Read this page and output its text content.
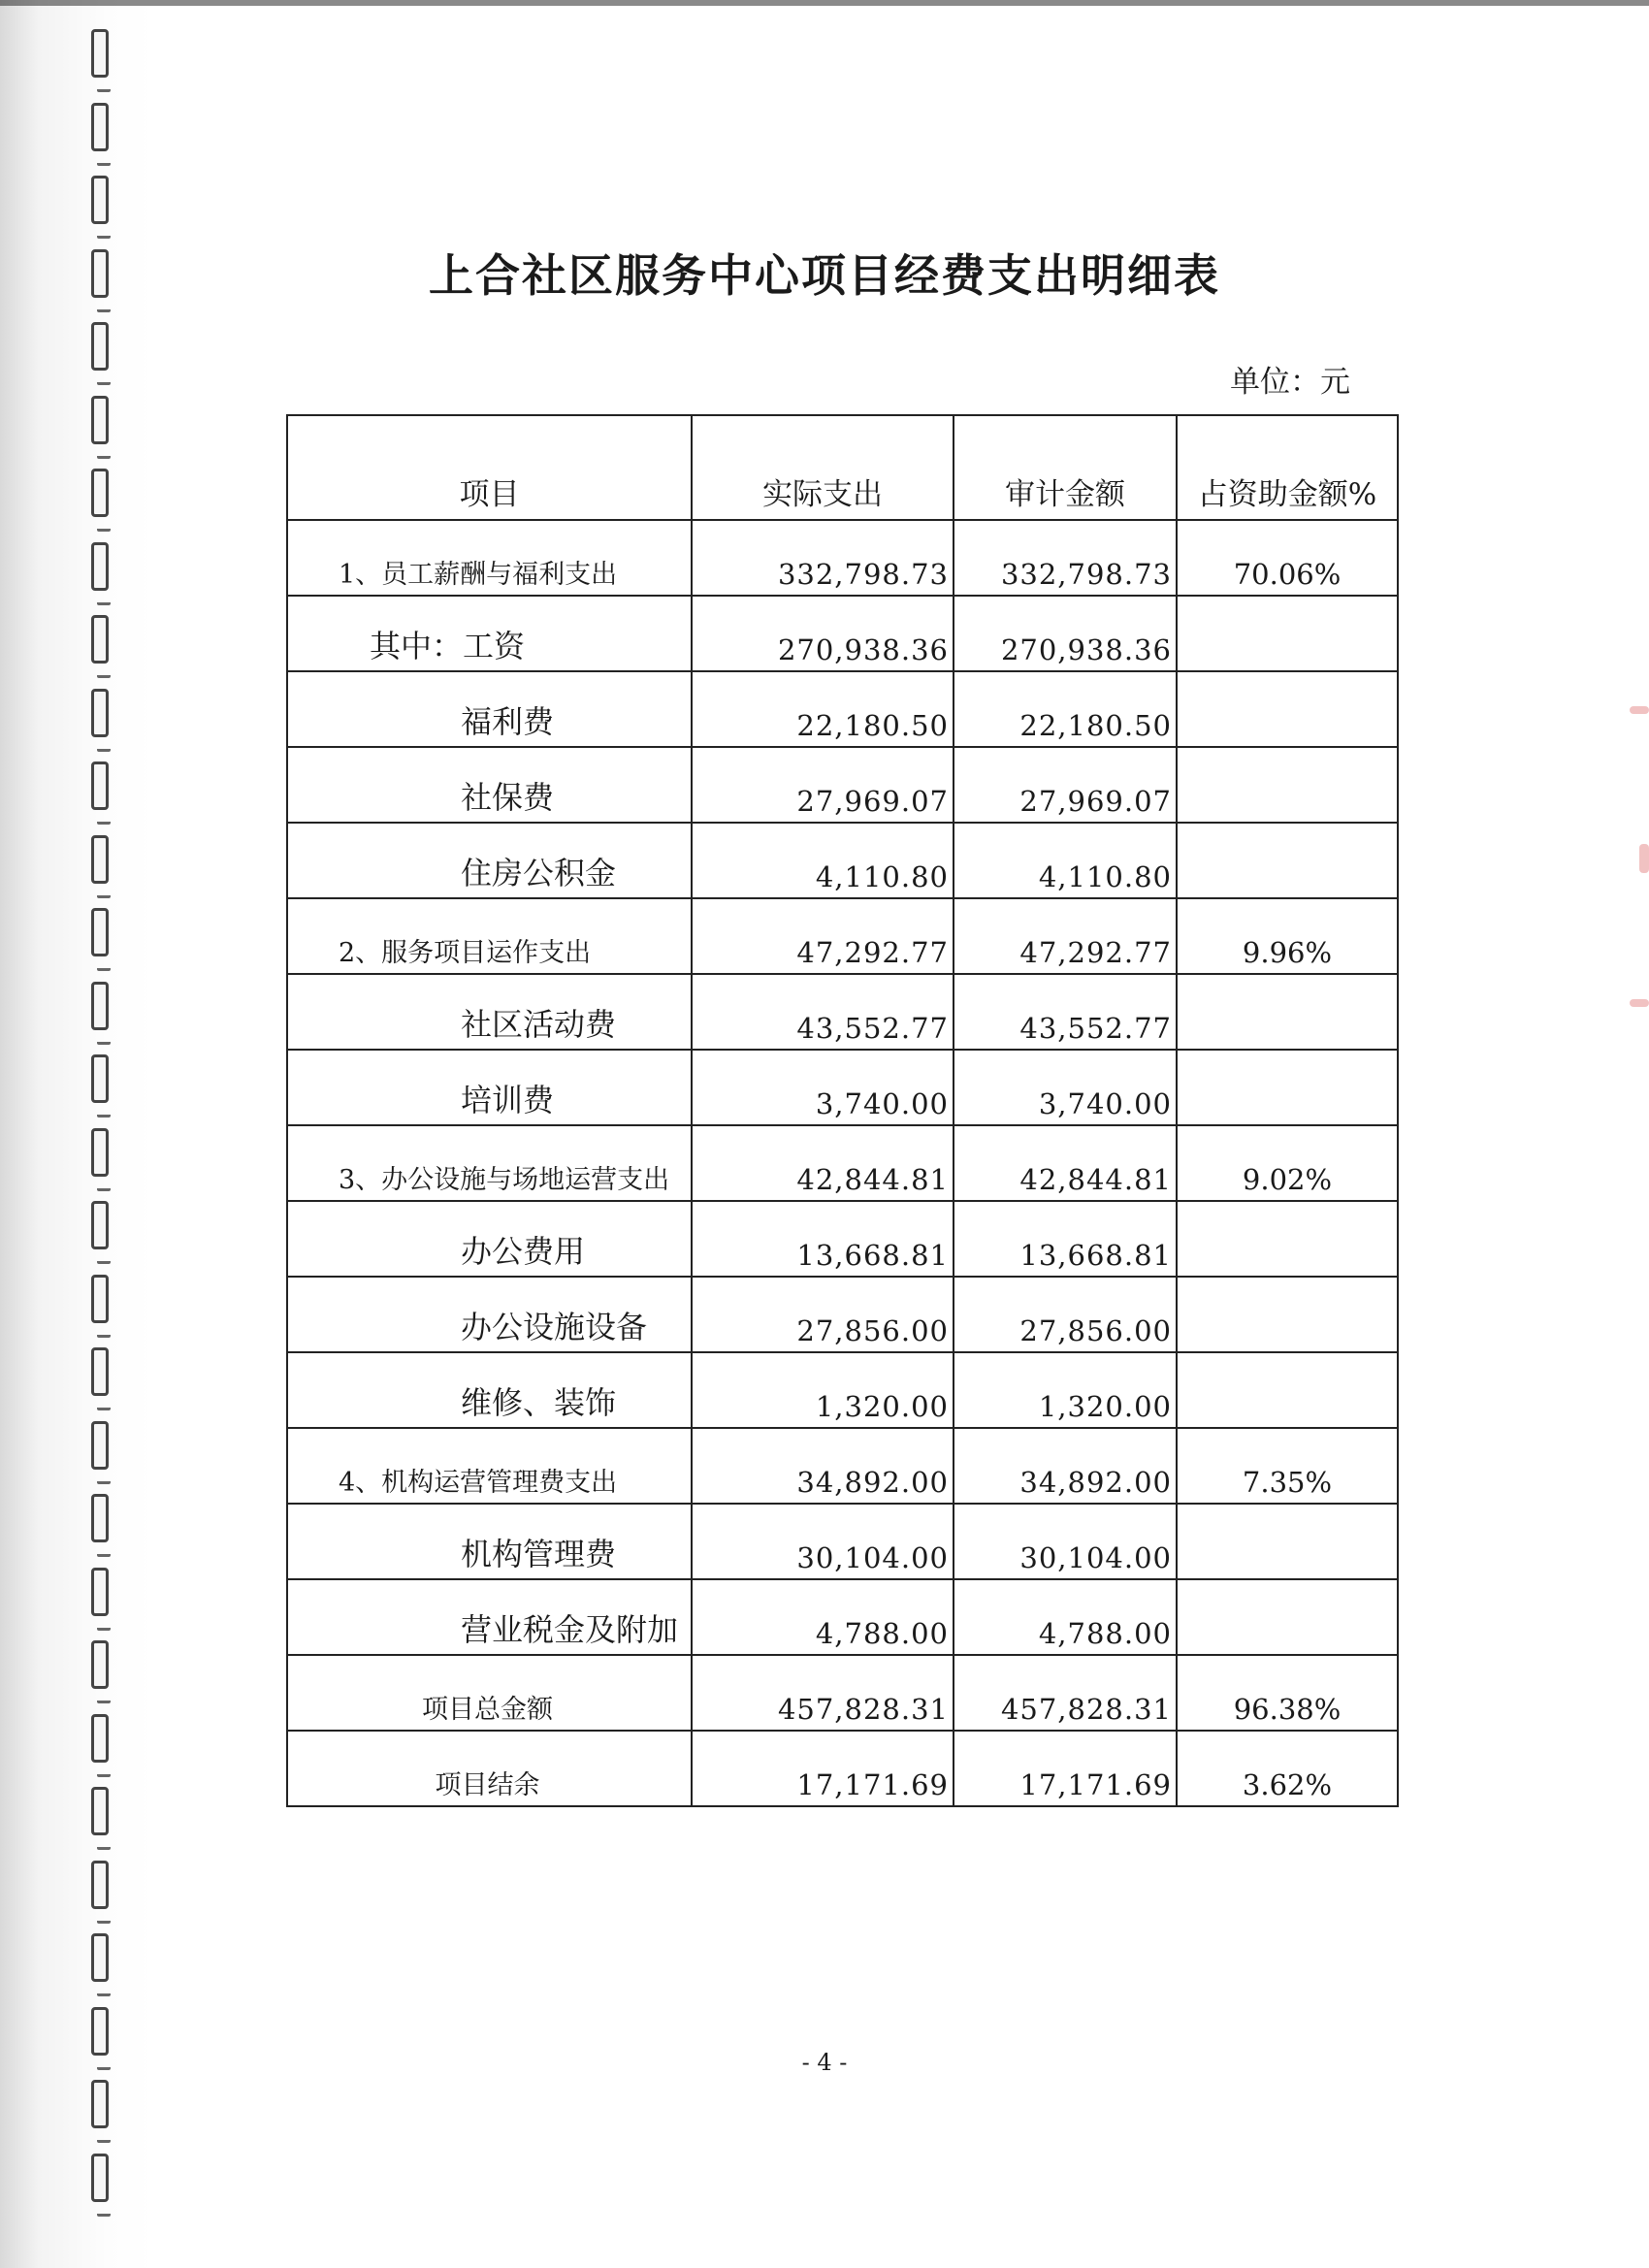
上合社区服务中心项目经费支出明细表
单位：元
项目	实际支出	审计金额	占资助金额%
1、员工薪酬与福利支出	332,798.73	332,798.73	70.06%
其中：工资	270,938.36	270,938.36	
福利费	22,180.50	22,180.50	
社保费	27,969.07	27,969.07	
住房公积金	4,110.80	4,110.80	
2、服务项目运作支出	47,292.77	47,292.77	9.96%
社区活动费	43,552.77	43,552.77	
培训费	3,740.00	3,740.00	
3、办公设施与场地运营支出	42,844.81	42,844.81	9.02%
办公费用	13,668.81	13,668.81	
办公设施设备	27,856.00	27,856.00	
维修、装饰	1,320.00	1,320.00	
4、机构运营管理费支出	34,892.00	34,892.00	7.35%
机构管理费	30,104.00	30,104.00	
营业税金及附加	4,788.00	4,788.00	
项目总金额	457,828.31	457,828.31	96.38%
项目结余	17,171.69	17,171.69	3.62%
- 4 -
